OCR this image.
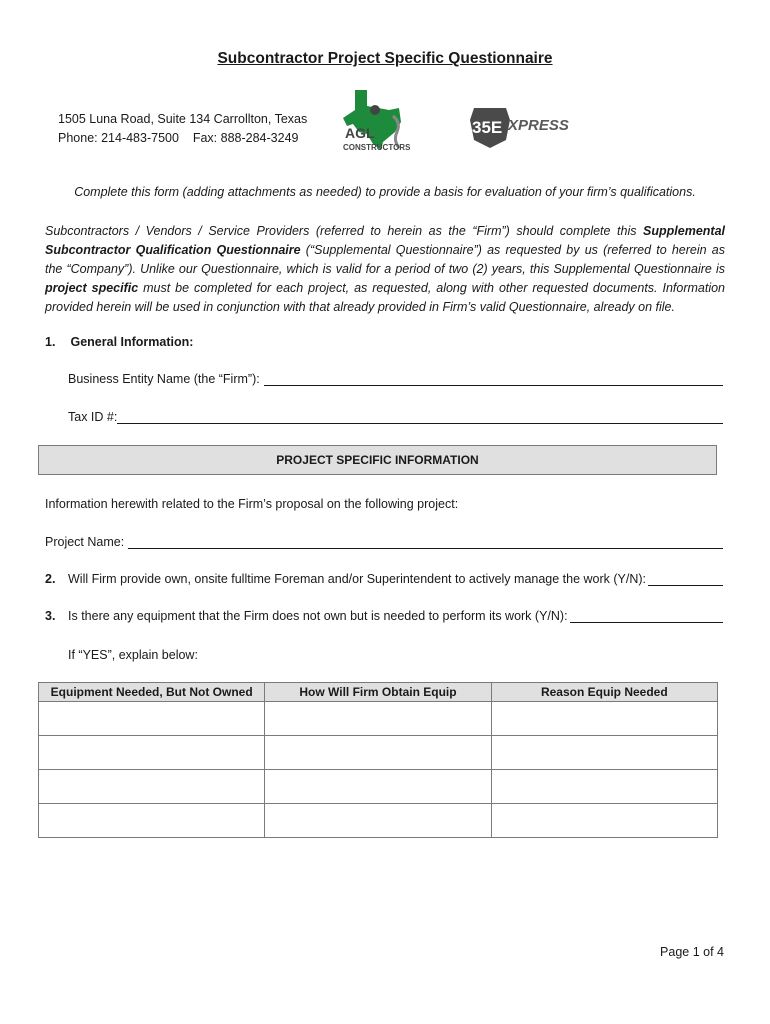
Subcontractor Project Specific Questionnaire
1505 Luna Road, Suite 134 Carrollton, Texas
Phone: 214-483-7500 Fax: 888-284-3249	AGL
CONSTRUCTORS
35E XPRESS
Complete this form (adding attachments as needed) to provide a basis for evaluation of your firm’s qualifications.
Subcontractors / Vendors / Service Providers (referred to herein as the “Firm”) should complete this Supplemental Subcontractor Qualification Questionnaire (“Supplemental Questionnaire”) as requested by us (referred to herein as the “Company”). Unlike our Questionnaire, which is valid for a period of two (2) years, this Supplemental Questionnaire is project specific must be completed for each project, as requested, along with other requested documents. Information provided herein will be used in conjunction with that already provided in Firm’s valid Questionnaire, already on file.
1. General Information:
Business Entity Name (the “Firm”):
Tax ID #:
PROJECT SPECIFIC INFORMATION
Information herewith related to the Firm’s proposal on the following project:
Project Name:
2.	Will Firm provide own, onsite fulltime Foreman and/or Superintendent to actively manage the work (Y/N):
3.	Is there any equipment that the Firm does not own but is needed to perform its work (Y/N):
If “YES”, explain below:
Equipment Needed, But Not Owned	How Will Firm Obtain Equip	Reason Equip Needed

Page 1 of 4
